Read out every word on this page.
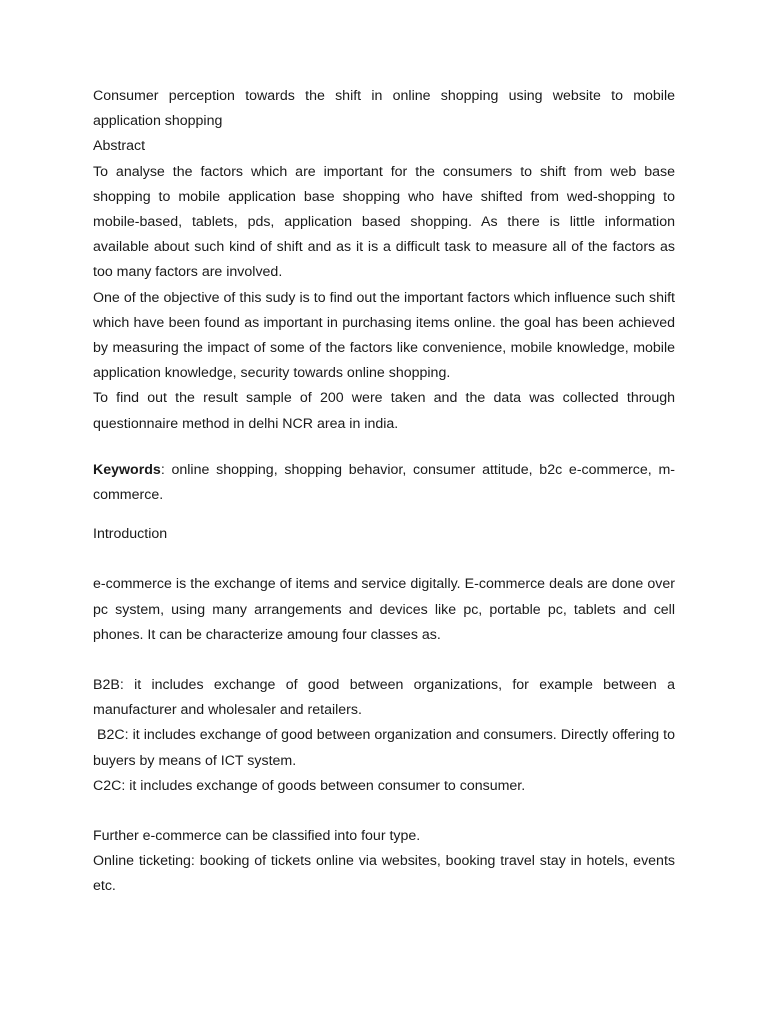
Consumer perception towards the shift in online shopping using website to mobile application shopping

Abstract

To analyse the factors which are important for the consumers to shift from web base shopping to mobile application base shopping who have shifted from wed-shopping to mobile-based, tablets, pds, application based shopping. As there is little information available about such kind of shift and as it is a difficult task to measure all of the factors as too many factors are involved.

One of the objective of this sudy is to find out the important factors which influence such shift which have been found as important in purchasing items online. the goal has been achieved by measuring the impact of some of the factors like convenience, mobile knowledge, mobile application knowledge, security towards online shopping.

To find out the result sample of 200 were taken and the data was collected through questionnaire method in delhi NCR area in india.

Keywords: online shopping, shopping behavior, consumer attitude, b2c e-commerce, m-commerce.

Introduction

e-commerce is the exchange of items and service digitally. E-commerce deals are done over pc system, using many arrangements and devices like pc, portable pc, tablets and cell phones. It can be characterize amoung four classes as.

B2B: it includes exchange of good between organizations, for example between a manufacturer and wholesaler and retailers.

B2C: it includes exchange of good between organization and consumers. Directly offering to buyers by means of ICT system.

C2C: it includes exchange of goods between consumer to consumer.

Further e-commerce can be classified into four type.

Online ticketing: booking of tickets online via websites, booking travel stay in hotels, events etc.
